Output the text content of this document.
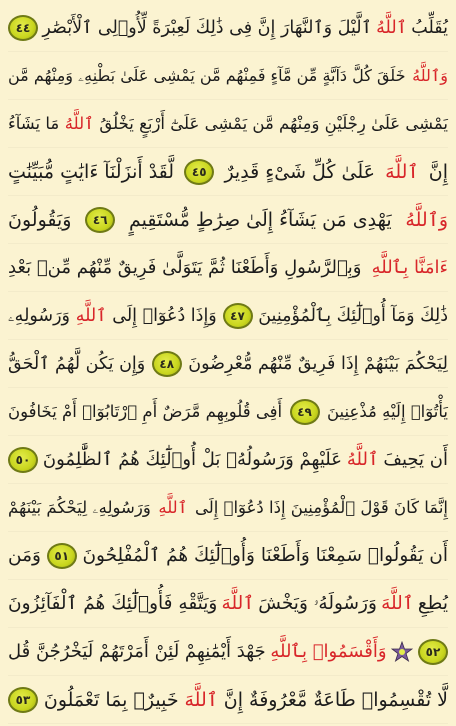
يُقَلِّبُ
ٱللَّهُ
ٱلَّيْلَ وَٱلنَّهَارَ إِنَّ فِى ذَٰلِكَ لَعِبْرَةً لِّأُو۟لِى ٱلْأَبْصَٰرِ
٤٤
وَٱللَّهُ
خَلَقَ كُلَّ دَآبَّةٍ مِّن مَّآءٍ فَمِنْهُم مَّن يَمْشِى عَلَىٰ بَطْنِهِۦ وَمِنْهُم مَّن
يَمْشِى عَلَىٰ رِجْلَيْنِ وَمِنْهُم مَّن يَمْشِى عَلَىٰٓ أَرْبَعٍ يَخْلُقُ
ٱللَّهُ
مَا يَشَآءُ
إِنَّ
ٱللَّهَ
عَلَىٰ كُلِّ شَىْءٍ قَدِيرٌ
٤٥
لَّقَدْ أَنزَلْنَآ ءَايَٰتٍ مُّبَيِّنَٰتٍ
وَٱللَّهُ
يَهْدِى مَن يَشَآءُ إِلَىٰ صِرَٰطٍ مُّسْتَقِيمٍ
٤٦
وَيَقُولُونَ
ءَامَنَّا بِٱللَّهِ
وَبِٱلرَّسُولِ وَأَطَعْنَا ثُمَّ يَتَوَلَّىٰ فَرِيقٌ مِّنْهُم مِّنۢ بَعْدِ
ذَٰلِكَ وَمَآ أُو۟لَٰٓئِكَ بِٱلْمُؤْمِنِينَ
٤٧
وَإِذَا دُعُوٓا۟ إِلَى
ٱللَّهِ
وَرَسُولِهِۦ
لِيَحْكُمَ بَيْنَهُمْ إِذَا فَرِيقٌ مِّنْهُم مُّعْرِضُونَ
٤٨
وَإِن يَكُن لَّهُمُ ٱلْحَقُّ
يَأْتُوٓا۟ إِلَيْهِ مُذْعِنِينَ
٤٩
أَفِى قُلُوبِهِم مَّرَضٌ أَمِ ٱرْتَابُوٓا۟ أَمْ يَخَافُونَ
أَن يَحِيفَ
ٱللَّهُ
عَلَيْهِمْ وَرَسُولُهُۥ بَلْ أُو۟لَٰٓئِكَ هُمُ ٱلظَّٰلِمُونَ
٥٠
إِنَّمَا كَانَ قَوْلَ ٱلْمُؤْمِنِينَ إِذَا دُعُوٓا۟ إِلَى
ٱللَّهِ
وَرَسُولِهِۦ لِيَحْكُمَ بَيْنَهُمْ
أَن يَقُولُوا۟ سَمِعْنَا وَأَطَعْنَا وَأُو۟لَٰٓئِكَ هُمُ ٱلْمُفْلِحُونَ
٥١
وَمَن
يُطِعِ
ٱللَّهَ
وَرَسُولَهُۥ وَيَخْشَ
ٱللَّهَ
وَيَتَّقْهِ فَأُو۟لَٰٓئِكَ هُمُ ٱلْفَآئِزُونَ
٥٢
وَأَقْسَمُوا۟ بِٱللَّهِ
جَهْدَ أَيْمَٰنِهِمْ لَئِنْ أَمَرْتَهُمْ لَيَخْرُجُنَّ قُل
لَّا تُقْسِمُوا۟ طَاعَةٌ مَّعْرُوفَةٌ إِنَّ
ٱللَّهَ
خَبِيرٌۢ بِمَا تَعْمَلُونَ
٥٣
